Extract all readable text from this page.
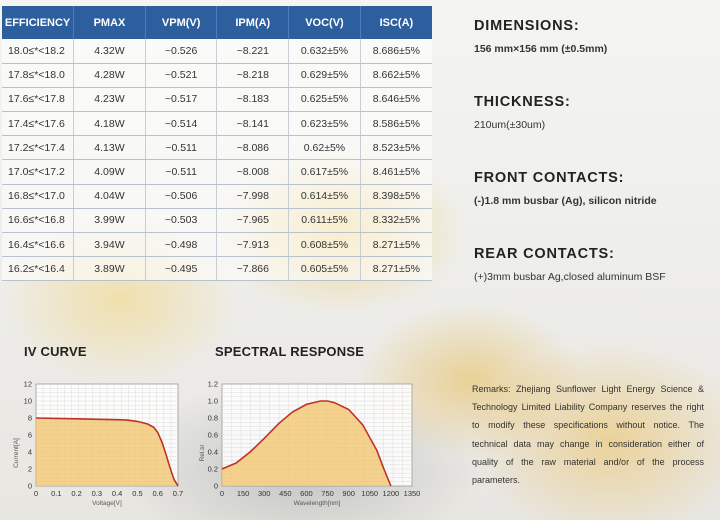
EFFICIENCY	PMAX	VPM(V)	IPM(A)	VOC(V)	ISC(A)
18.0≤*<18.2	4.32W	~0.526	~8.221	0.632±5%	8.686±5%
17.8≤*<18.0	4.28W	~0.521	~8.218	0.629±5%	8.662±5%
17.6≤*<17.8	4.23W	~0.517	~8.183	0.625±5%	8.646±5%
17.4≤*<17.6	4.18W	~0.514	~8.141	0.623±5%	8.586±5%
17.2≤*<17.4	4.13W	~0.511	~8.086	0.62±5%	8.523±5%
17.0≤*<17.2	4.09W	~0.511	~8.008	0.617±5%	8.461±5%
16.8≤*<17.0	4.04W	~0.506	~7.998	0.614±5%	8.398±5%
16.6≤*<16.8	3.99W	~0.503	~7.965	0.611±5%	8.332±5%
16.4≤*<16.6	3.94W	~0.498	~7.913	0.608±5%	8.271±5%
16.2≤*<16.4	3.89W	~0.495	~7.866	0.605±5%	8.271±5%
DIMENSIONS:
156 mm×156 mm (±0.5mm)
THICKNESS:
210um(±30um)
FRONT CONTACTS:
(-)1.8 mm busbar (Ag), silicon nitride
REAR CONTACTS:
(+)3mm busbar Ag,closed aluminum BSF
IV CURVE	SPECTRAL RESPONSE
0 0.1 0.2 0.3 0.4 0.5 0.6 0.7
0
2
4
6
8
10
12
Voltage[V]
Current[A]
0 150 300 450 600 750 900 1050 1200 1350
0
0.2
0.4
0.6
0.8
1.0
1.2
Wavelength[nm]
Rel.sr
Remarks: Zhejiang Sunflower Light Energy Science & Technology Limited Liability Company reserves the right to modify these specifications without notice. The technical data may change in consideration either of quality of the raw material and/or of the process parameters.
